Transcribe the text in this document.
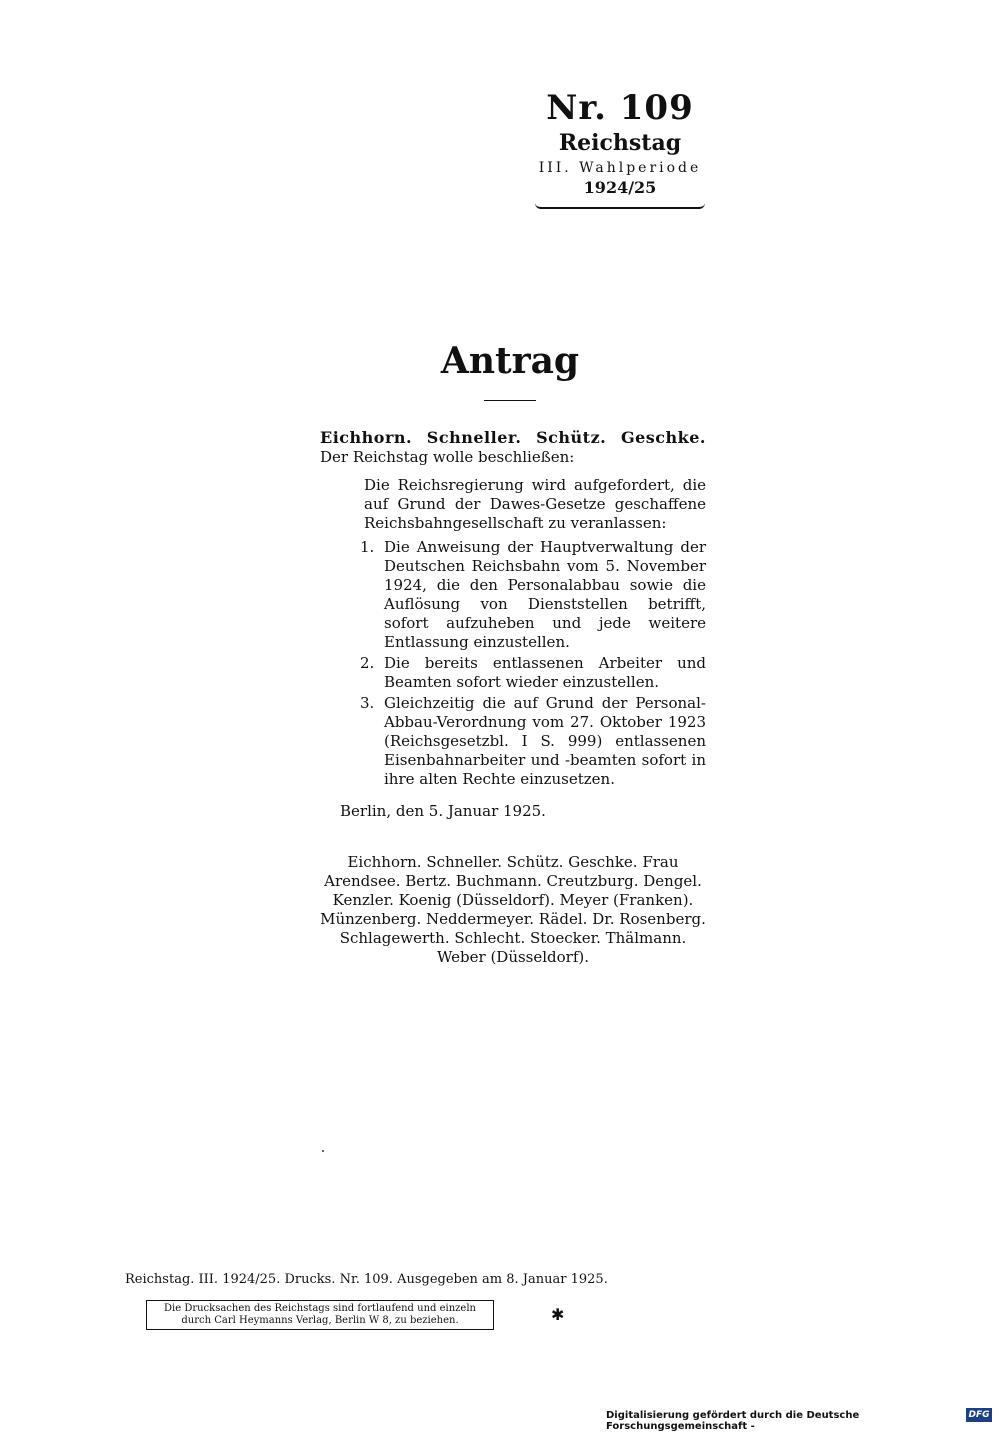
Nr. 109
Reichstag
III. Wahlperiode
1924/25
Antrag
Eichhorn. Schneller. Schütz. Geschke. Der Reichstag wolle beschließen:
Die Reichsregierung wird aufgefordert, die auf Grund der Dawes-Gesetze geschaffene Reichsbahngesellschaft zu veranlassen:
1. Die Anweisung der Hauptverwaltung der Deutschen Reichsbahn vom 5. November 1924, die den Personalabbau sowie die Auflösung von Dienststellen betrifft, sofort aufzuheben und jede weitere Entlassung einzustellen.
2. Die bereits entlassenen Arbeiter und Beamten sofort wieder einzustellen.
3. Gleichzeitig die auf Grund der Personal-Abbau-Verordnung vom 27. Oktober 1923 (Reichsgesetzbl. I S. 999) entlassenen Eisenbahnarbeiter und -beamten sofort in ihre alten Rechte einzusetzen.
Berlin, den 5. Januar 1925.
Eichhorn. Schneller. Schütz. Geschke. Frau Arendsee. Bertz. Buchmann. Creutzburg. Dengel. Kenzler. Koenig (Düsseldorf). Meyer (Franken). Münzenberg. Neddermeyer. Rädel. Dr. Rosenberg. Schlagewerth. Schlecht. Stoecker. Thälmann. Weber (Düsseldorf).
Reichstag. III. 1924/25. Drucks. Nr. 109. Ausgegeben am 8. Januar 1925.
Die Drucksachen des Reichstags sind fortlaufend und einzeln
durch Carl Heymanns Verlag, Berlin W 8, zu beziehen.	✱
Digitalisierung gefördert durch die Deutsche Forschungsgemeinschaft -
DFG
